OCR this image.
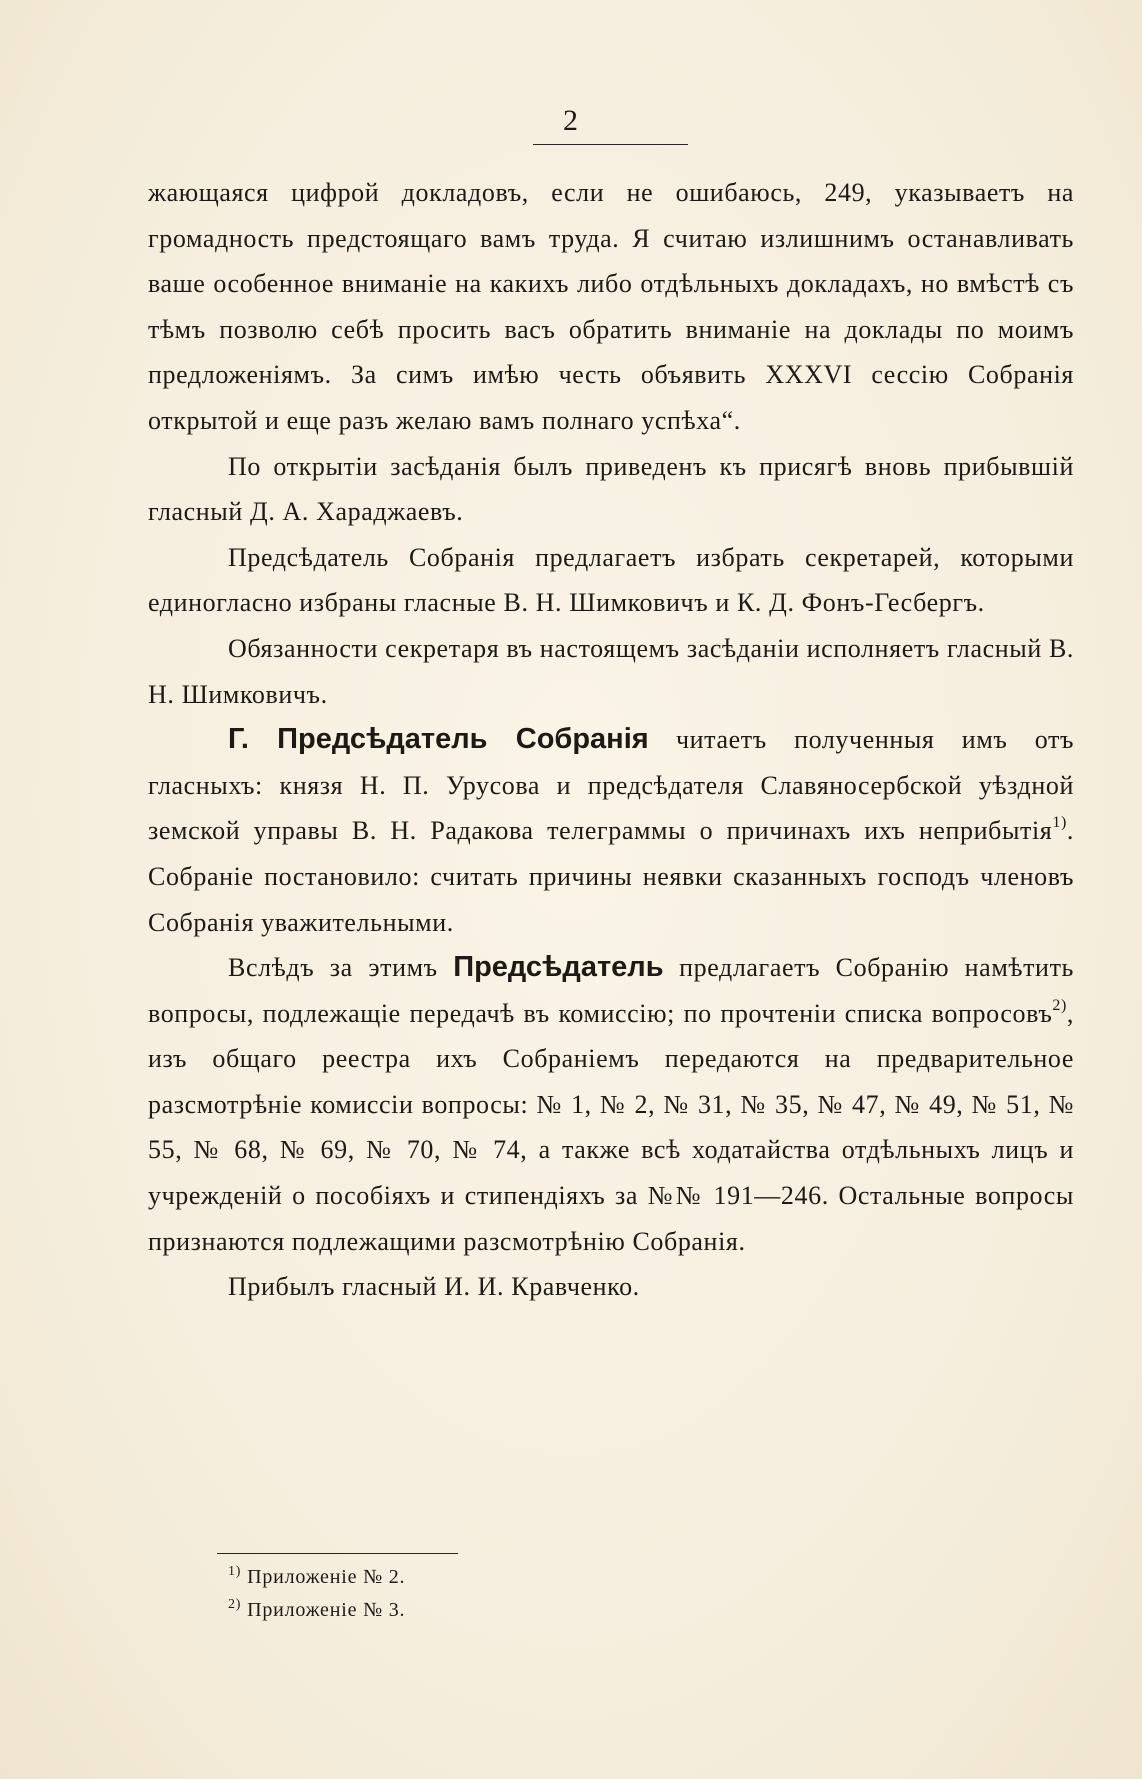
2

жающаяся цифрой докладовъ, если не ошибаюсь, 249, указываетъ на громадность предстоящаго вамъ труда. Я считаю излишнимъ останавливать ваше особенное вниманіе на какихъ либо отдѣльныхъ докладахъ, но вмѣстѣ съ тѣмъ позволю себѣ просить васъ обратить вниманіе на доклады по моимъ предложеніямъ. За симъ имѣю честь объявить XXXVI сессію Собранія открытой и еще разъ желаю вамъ полнаго успѣха“.

По открытіи засѣданія былъ приведенъ къ присягѣ вновь прибывшій гласный Д. А. Хараджаевъ.

Предсѣдатель Собранія предлагаетъ избрать секретарей, которыми единогласно избраны гласные В. Н. Шимковичъ и К. Д. Фонъ-Гесбергъ.

Обязанности секретаря въ настоящемъ засѣданіи исполняетъ гласный В. Н. Шимковичъ.

Г. Предсѣдатель Собранія читаетъ полученныя имъ отъ гласныхъ: князя Н. П. Урусова и предсѣдателя Славяносербской уѣздной земской управы В. Н. Радакова телеграммы о причинахъ ихъ неприбытія$^{1)}$. Собраніе постановило: считать причины неявки сказанныхъ господъ членовъ Собранія уважительными.

Вслѣдъ за этимъ Предсѣдатель предлагаетъ Собранію намѣтить вопросы, подлежащіе передачѣ въ комиссію; по прочтеніи списка вопросовъ$^{2)}$, изъ общаго реестра ихъ Собраніемъ передаются на предварительное разсмотрѣніе комиссіи вопросы: № 1, № 2, № 31, № 35, № 47, № 49, № 51, № 55, № 68, № 69, № 70, № 74, а также всѣ ходатайства отдѣльныхъ лицъ и учрежденій о пособіяхъ и стипендіяхъ за №№ 191—246. Остальные вопросы признаются подлежащими разсмотрѣнію Собранія.

Прибылъ гласный И. И. Кравченко.

$^{1)}$ Приложеніе № 2.
$^{2)}$ Приложеніе № 3.
